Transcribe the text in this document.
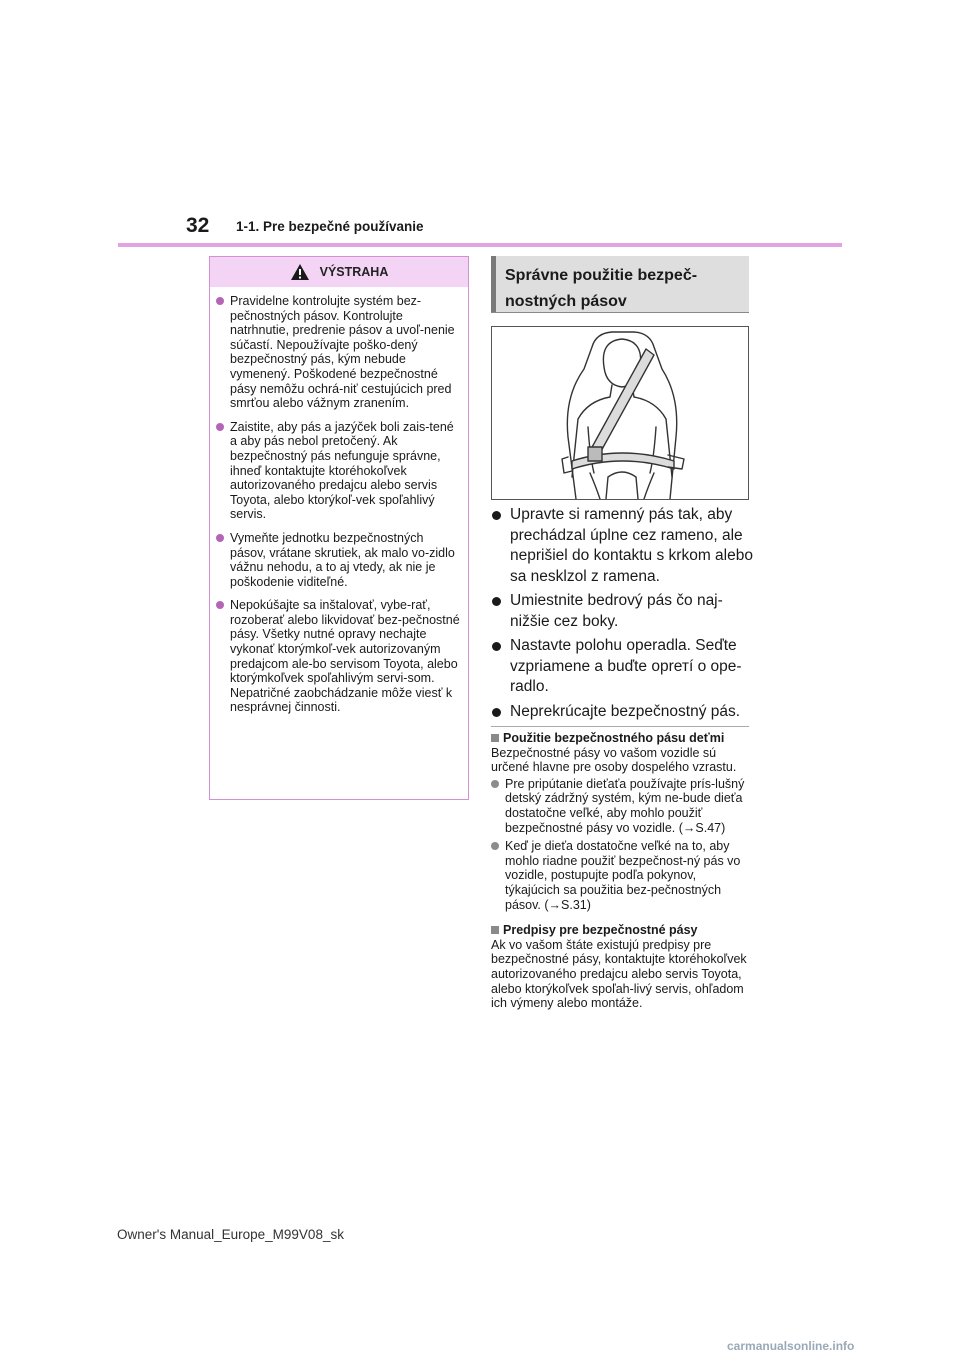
32 1-1. Pre bezpečné používanie
VÝSTRAHA
Pravidelne kontrolujte systém bez-pečnostných pásov. Kontrolujte natrhnutie, predrenie pásov a uvoľ-nenie súčastí. Nepoužívajte poško-dený bezpečnostný pás, kým nebude vymenený. Poškodené bezpečnostné pásy nemôžu ochrá-niť cestujúcich pred smrťou alebo vážnym zranením.
Zaistite, aby pás a jazýček boli zais-tené a aby pás nebol pretočený. Ak bezpečnostný pás nefunguje správne, ihneď kontaktujte ktoréhokoľvek autorizovaného predajcu alebo servis Toyota, alebo ktorýkoľ-vek spoľahlivý servis.
Vymeňte jednotku bezpečnostných pásov, vrátane skrutiek, ak malo vo-zidlo vážnu nehodu, a to aj vtedy, ak nie je poškodenie viditeľné.
Nepokúšajte sa inštalovať, vybe-rať, rozoberať alebo likvidovať bez-pečnostné pásy. Všetky nutné opravy nechajte vykonať ktorýmkoľ-vek autorizovaným predajcom ale-bo servisom Toyota, alebo ktorýmkoľvek spoľahlivým servi-som. Nepatričné zaobchádzanie môže viesť k nesprávnej činnosti.
Správne použitie bezpeč-
nostných pásov
Upravte si ramenný pás tak, aby prechádzal úplne cez rameno, ale neprišiel do kontaktu s krkom alebo sa nesklzol z ramena.
Umiestnite bedrový pás čo naj-nižšie cez boky.
Nastavte polohu operadla. Seďte vzpriamene a buďte oprетí o ope-radlo.
Neprekrúcajte bezpečnostný pás.
Použitie bezpečnostného pásu deťmi
Bezpečnostné pásy vo vašom vozidle sú určené hlavne pre osoby dospelého vzrastu.
Pre pripútanie dieťaťa používajte prís-lušný detský zádržný systém, kým ne-bude dieťa dostatočne veľké, aby mohlo použiť bezpečnostné pásy vo vozidle. (→S.47)
Keď je dieťa dostatočne veľké na to, aby mohlo riadne použiť bezpečnost-ný pás vo vozidle, postupujte podľa pokynov, týkajúcich sa použitia bez-pečnostných pásov. (→S.31)
Predpisy pre bezpečnostné pásy
Ak vo vašom štáte existujú predpisy pre bezpečnostné pásy, kontaktujte ktoréhokoľvek autorizovaného predajcu alebo servis Toyota, alebo ktorýkoľvek spoľah-livý servis, ohľadom ich výmeny alebo montáže.
Owner's Manual_Europe_M99V08_sk
carmanualsonline.info
